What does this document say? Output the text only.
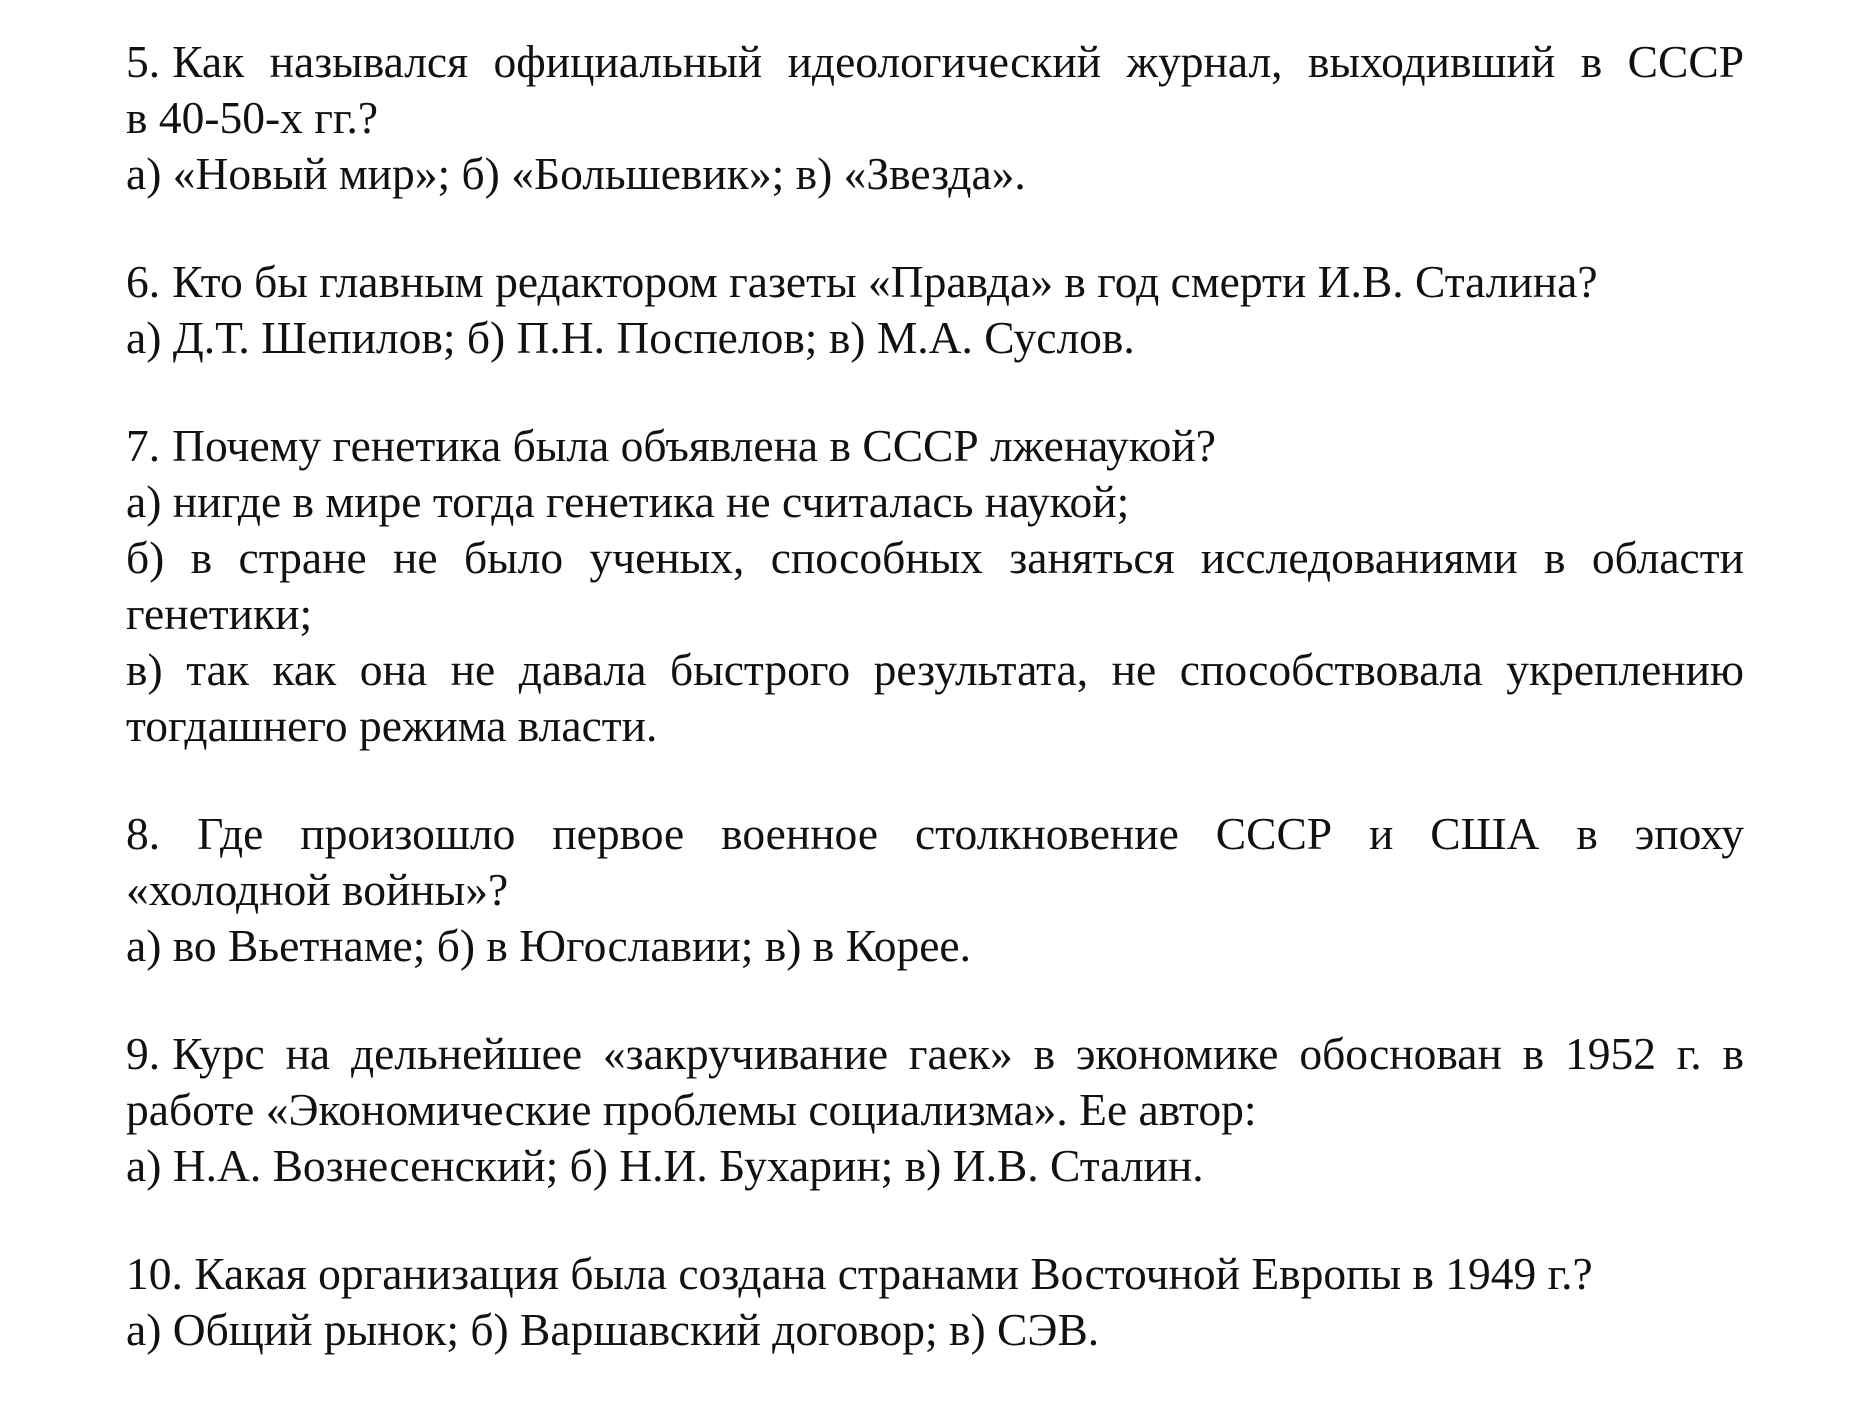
5. Как назывался официальный идеологический журнал, выходивший в СССР
в 40-50-х гг.?
а) «Новый мир»; б) «Большевик»; в) «Звезда».
6. Кто бы главным редактором газеты «Правда» в год смерти И.В. Сталина?
а) Д.Т. Шепилов; б) П.Н. Поспелов; в) М.А. Суслов.
7. Почему генетика была объявлена в СССР лженаукой?
а) нигде в мире тогда генетика не считалась наукой;
б) в стране не было ученых, способных заняться исследованиями в области
генетики;
в) так как она не давала быстрого результата, не способствовала укреплению
тогдашнего режима власти.
8. Где произошло первое военное столкновение СССР и США в эпоху
«холодной войны»?
а) во Вьетнаме; б) в Югославии; в) в Корее.
9. Курс на дельнейшее «закручивание гаек» в экономике обоснован в 1952 г. в
работе «Экономические проблемы социализма». Ее автор:
а) Н.А. Вознесенский; б) Н.И. Бухарин; в) И.В. Сталин.
10. Какая организация была создана странами Восточной Европы в 1949 г.?
а) Общий рынок; б) Варшавский договор; в) СЭВ.
